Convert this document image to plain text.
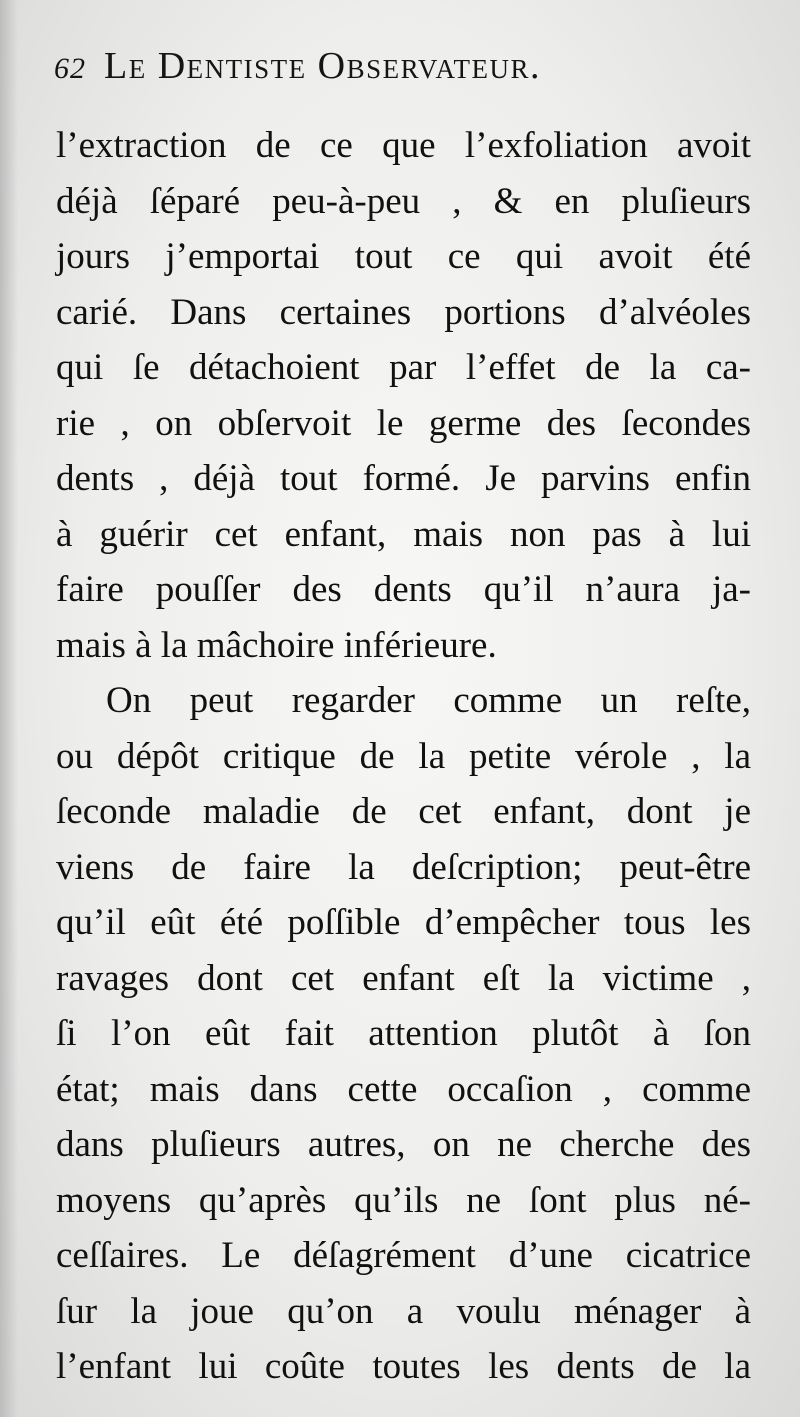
62 Le Dentiste Observateur.
l’extraction de ce que l’exfoliation avoit
déjà ſéparé peu-à-peu , & en pluſieurs
jours j’emportai tout ce qui avoit été
carié. Dans certaines portions d’alvéoles
qui ſe détachoient par l’effet de la ca-
rie , on obſervoit le germe des ſecondes
dents , déjà tout formé. Je parvins enfin
à guérir cet enfant, mais non pas à lui
faire pouſſer des dents qu’il n’aura ja-
mais à la mâchoire inférieure.
On peut regarder comme un reſte,
ou dépôt critique de la petite vérole , la
ſeconde maladie de cet enfant, dont je
viens de faire la deſcription; peut-être
qu’il eût été poſſible d’empêcher tous les
ravages dont cet enfant eſt la victime ,
ſi l’on eût fait attention plutôt à ſon
état; mais dans cette occaſion , comme
dans pluſieurs autres, on ne cherche des
moyens qu’après qu’ils ne ſont plus né-
ceſſaires. Le déſagrément d’une cicatrice
ſur la joue qu’on a voulu ménager à
l’enfant lui coûte toutes les dents de la
